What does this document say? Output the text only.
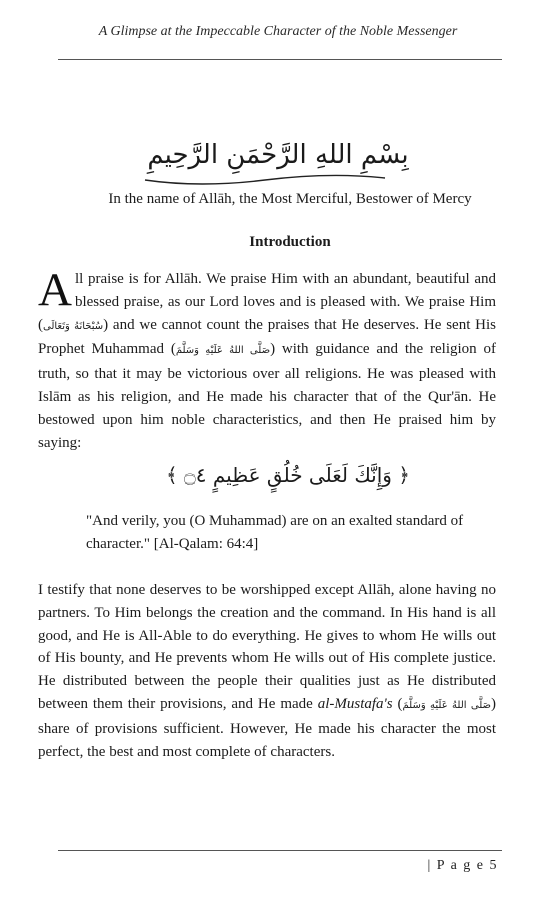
A Glimpse at the Impeccable Character of the Noble Messenger
بِسْمِ اللهِ الرَّحْمَنِ الرَّحِيمِ
In the name of Allāh, the Most Merciful, Bestower of Mercy
Introduction
All praise is for Allāh. We praise Him with an abundant, beautiful and blessed praise, as our Lord loves and is pleased with. We praise Him (سُبْحَانَهُ وَتَعَالَى) and we cannot count the praises that He deserves. He sent His Prophet Muhammad (صَلَّى اللهُ عَلَيْهِ وَسَلَّمَ) with guidance and the religion of truth, so that it may be victorious over all religions. He was pleased with Islām as his religion, and He made his character that of the Qur'ān. He bestowed upon him noble characteristics, and then He praised him by saying:
﴿ وَإِنَّكَ لَعَلَى خُلُقٍ عَظِيمٍ ۝٤ ﴾
"And verily, you (O Muhammad) are on an exalted standard of character." [Al-Qalam: 64:4]
I testify that none deserves to be worshipped except Allāh, alone having no partners. To Him belongs the creation and the command. In His hand is all good, and He is All-Able to do everything. He gives to whom He wills out of His bounty, and He prevents whom He wills out of His complete justice. He distributed between the people their qualities just as He distributed between them their provisions, and He made al-Mustafa's (صَلَّى اللهُ عَلَيْهِ وَسَلَّمَ) share of provisions sufficient. However, He made his character the most perfect, the best and most complete of characters.
| P a g e 5
